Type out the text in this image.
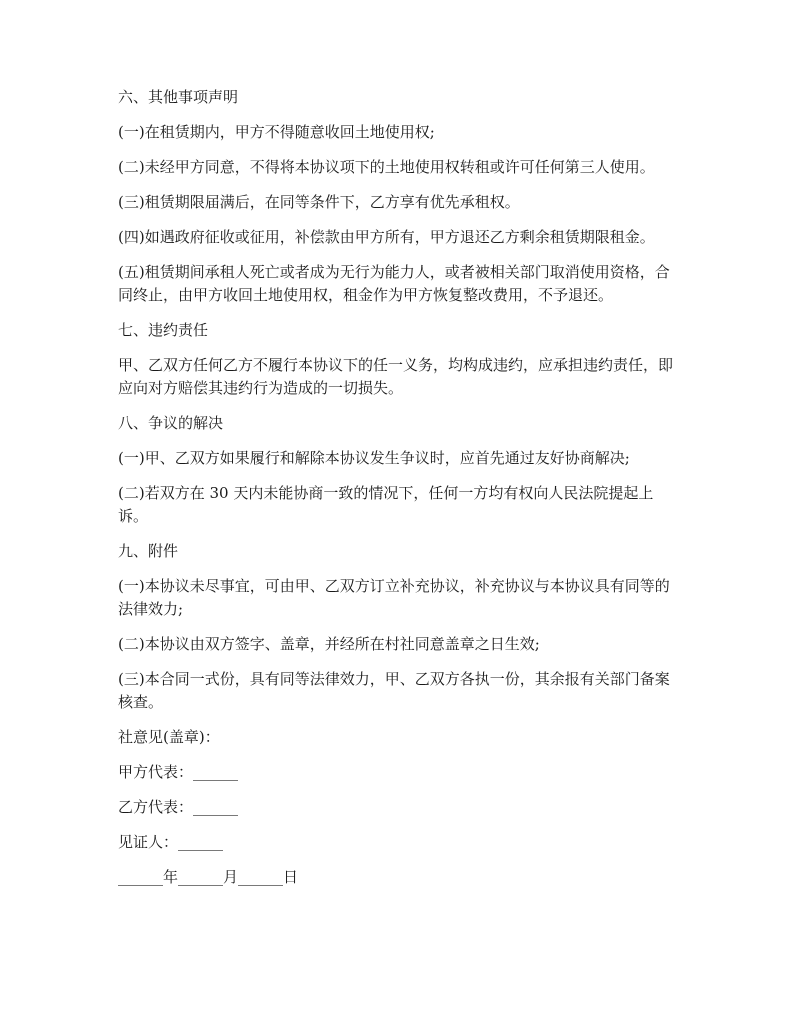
六、其他事项声明

(一)在租赁期内，甲方不得随意收回土地使用权;

(二)未经甲方同意，不得将本协议项下的土地使用权转租或许可任何第三人使用。

(三)租赁期限届满后，在同等条件下，乙方享有优先承租权。

(四)如遇政府征收或征用，补偿款由甲方所有，甲方退还乙方剩余租赁期限租金。

(五)租赁期间承租人死亡或者成为无行为能力人，或者被相关部门取消使用资格，合同终止，由甲方收回土地使用权，租金作为甲方恢复整改费用，不予退还。

七、违约责任

甲、乙双方任何乙方不履行本协议下的任一义务，均构成违约，应承担违约责任，即应向对方赔偿其违约行为造成的一切损失。

八、争议的解决

(一)甲、乙双方如果履行和解除本协议发生争议时，应首先通过友好协商解决;

(二)若双方在 30 天内未能协商一致的情况下，任何一方均有权向人民法院提起上诉。

九、附件

(一)本协议未尽事宜，可由甲、乙双方订立补充协议，补充协议与本协议具有同等的法律效力;

(二)本协议由双方签字、盖章，并经所在村社同意盖章之日生效;

(三)本合同一式份，具有同等法律效力，甲、乙双方各执一份，其余报有关部门备案核查。

社意见(盖章)：

甲方代表：______

乙方代表：______

见证人：______

______年______月______日
